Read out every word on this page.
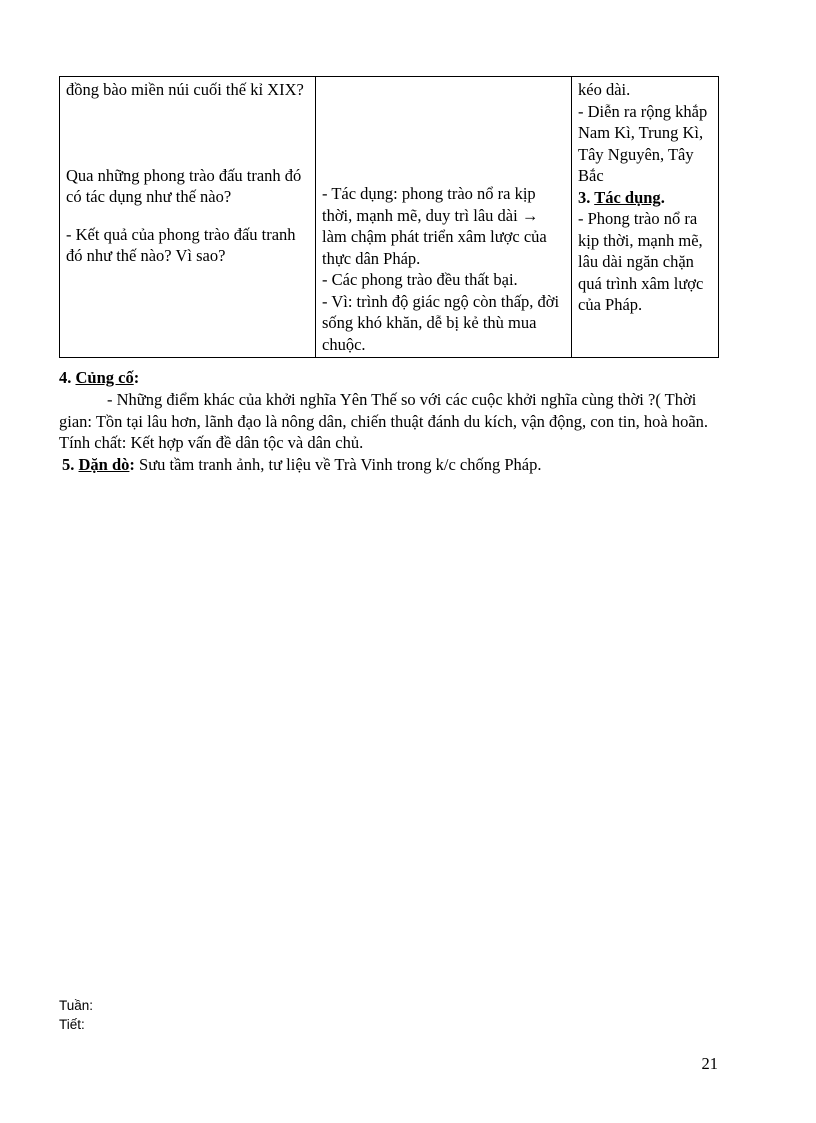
đồng bào miền núi cuối thế kỉ XIX?
Qua những phong trào đấu tranh đó có tác dụng như thế nào?
- Kết quả của phong trào đấu tranh đó như thế nào? Vì sao?

- Tác dụng: phong trào nổ ra kịp thời, mạnh mẽ, duy trì lâu dài → làm chậm phát triển xâm lược của thực dân Pháp.
- Các phong trào đều thất bại.
- Vì: trình độ giác ngộ còn thấp, đời sống khó khăn, dễ bị kẻ thù mua chuộc.

kéo dài.
- Diễn ra rộng khắp Nam Kì, Trung Kì, Tây Nguyên, Tây Bắc
3. Tác dụng.
- Phong trào nổ ra kịp thời, mạnh mẽ, lâu dài ngăn chặn quá trình xâm lược của Pháp.
4. Củng cố:
- Những điểm khác của khởi nghĩa Yên Thế so với các cuộc khởi nghĩa cùng thời ?( Thời gian: Tồn tại lâu hơn, lãnh đạo là nông dân, chiến thuật đánh du kích, vận động, con tin, hoà hoãn. Tính chất: Kết hợp vấn đề dân tộc và dân chủ.
5. Dặn dò: Sưu tầm tranh ảnh, tư liệu về Trà Vinh trong k/c chống Pháp.
Tuần:
Tiết:
21
